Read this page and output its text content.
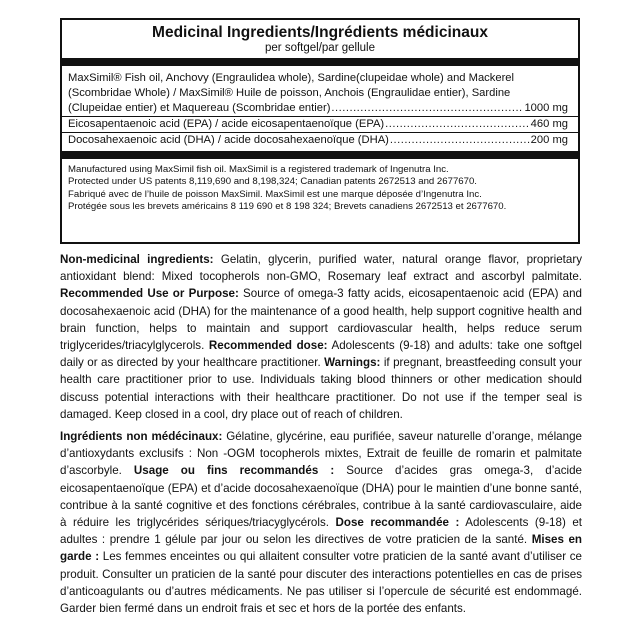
Medicinal Ingredients/Ingrédients médicinaux
per softgel/par gellule
MaxSimil® Fish oil, Anchovy (Engraulidea whole), Sardine(clupeidae whole) and Mackerel
(Scombridae Whole) / MaxSimil® Huile de poisson, Anchois (Engraulidae entier), Sardine
(Clupeidae entier) et Maquereau (Scombridae entier) .....	1000 mg
Eicosapentaenoic acid (EPA) / acide eicosapentaenoïque (EPA) .....	460 mg
Docosahexaenoic acid (DHA) / acide docosahexaenoïque (DHA) .....	200 mg
Manufactured using MaxSimil fish oil. MaxSimil is a registered trademark of Ingenutra Inc.
Protected under US patents 8,119,690 and 8,198,324; Canadian patents 2672513 and 2677670.
Fabriqué avec de l’huile de poisson MaxSimil. MaxSimil est une marque déposée d’Ingenutra Inc.
Protégée sous les brevets américains 8 119 690 et 8 198 324; Brevets canadiens 2672513 et 2677670.
Non-medicinal ingredients: Gelatin, glycerin, purified water, natural orange flavor, proprietary antioxidant blend: Mixed tocopherols non-GMO, Rosemary leaf extract and ascorbyl palmitate. Recommended Use or Purpose: Source of omega-3 fatty acids, eicosapentaenoic acid (EPA) and docosahexaenoic acid (DHA) for the maintenance of a good health, help support cognitive health and brain function, helps to maintain and support cardiovascular health, helps reduce serum triglycerides/triacylglycerols. Recommended dose: Adolescents (9-18) and adults: take one softgel daily or as directed by your healthcare practitioner. Warnings: if pregnant, breastfeeding consult your health care practitioner prior to use. Individuals taking blood thinners or other medication should discuss potential interactions with their healthcare practitioner. Do not use if the temper seal is damaged. Keep closed in a cool, dry place out of reach of children.
Ingrédients non médécinaux: Gélatine, glycérine, eau purifiée, saveur naturelle d’orange, mélange d’antioxydants exclusifs : Non -OGM tocopherols mixtes, Extrait de feuille de romarin et palmitate d’ascorbyle. Usage ou fins recommandés : Source d’acides gras omega-3, d’acide eicosapentaenoïque (EPA) et d’acide docosahexaenoïque (DHA) pour le maintien d’une bonne santé, contribue à la santé cognitive et des fonctions cérébrales, contribue à la santé cardiovasculaire, aide à réduire les triglycérides sériques/triacyglycérols. Dose recommandée : Adolescents (9-18) et adultes : prendre 1 gélule par jour ou selon les directives de votre praticien de la santé. Mises en garde : Les femmes enceintes ou qui allaitent consulter votre praticien de la santé avant d’utiliser ce produit. Consulter un praticien de la santé pour discuter des interactions potentielles en cas de prises d’anticoagulants ou d’autres médicaments. Ne pas utiliser si l’opercule de sécurité est endommagé. Garder bien fermé dans un endroit frais et sec et hors de la portée des enfants.
